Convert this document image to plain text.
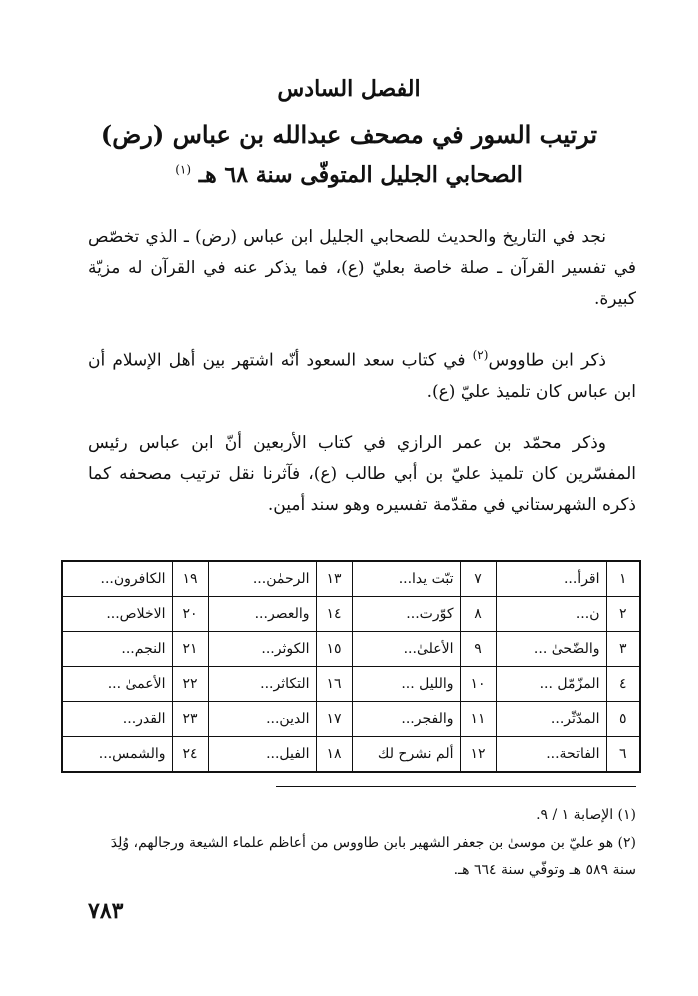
الفصل السادس
ترتيب السور في مصحف عبدالله بن عباس (رض)
الصحابي الجليل المتوفّى سنة ٦٨ هـ $^{(١)}$
نجد في التاريخ والحديث للصحابي الجليل ابن عباس (رض) ـ الذي تخصّص في تفسير القرآن ـ صلة خاصة بعليّ (ع)، فما يذكر عنه في القرآن له مزيّة كبيرة.
ذكر ابن طاووس$^{(٢)}$ في كتاب سعد السعود أنّه اشتهر بين أهل الإسلام أن ابن عباس كان تلميذ عليّ (ع).
وذكر محمّد بن عمر الرازي في كتاب الأربعين أنّ ابن عباس رئيس المفسّرين كان تلميذ عليّ بن أبي طالب (ع)، فآثرنا نقل ترتيب مصحفه كما ذكره الشهرستاني في مقدّمة تفسيره وهو سند أمين.
١	اقرأ...	٧	تبّت يدا...	١٣	الرحمٰن...	١٩	الكافرون...
٢	ن...	٨	كوّرت...	١٤	والعصر...	٢٠	الاخلاص...
٣	والضّحىٰ ...	٩	الأعلىٰ...	١٥	الكوثر...	٢١	النجم...
٤	المزّمّل ...	١٠	والليل ...	١٦	التكاثر...	٢٢	الأعمىٰ ...
٥	المدّثّر...	١١	والفجر...	١٧	الدين...	٢٣	القدر...
٦	الفاتحة...	١٢	ألم نشرح لك	١٨	الفيل...	٢٤	والشمس...
(١) الإصابة ١ / ٩.
(٢) هو عليّ بن موسىٰ بن جعفر الشهير بابن طاووس من أعاظم علماء الشيعة ورجالهم، وُلِدَ سنة ٥٨٩ هـ وتوفّي سنة ٦٦٤ هـ.
٧٨٣
